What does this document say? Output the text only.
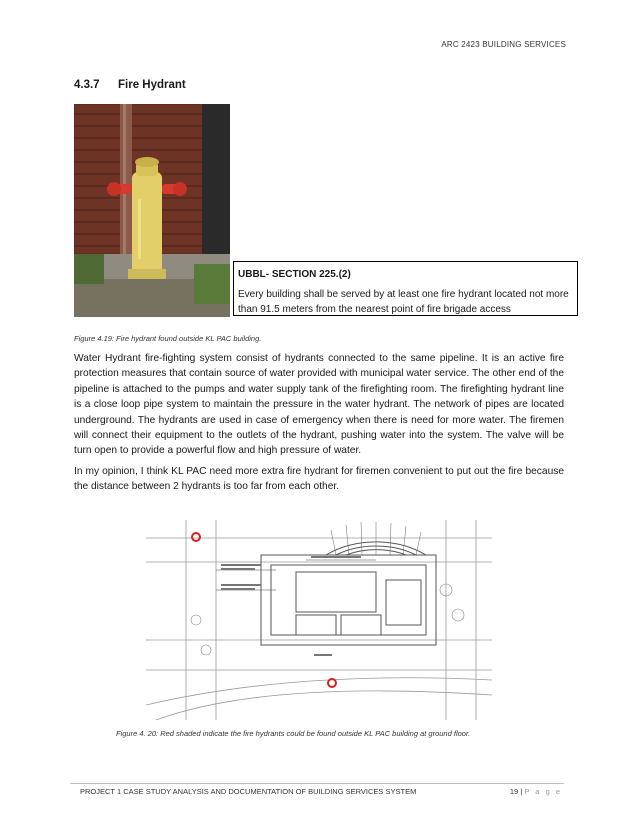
ARC 2423 BUILDING SERVICES
4.3.7 Fire Hydrant
UBBL- SECTION 225.(2)
Every building shall be served by at least one fire hydrant located not more than 91.5 meters from the nearest point of fire brigade access
Figure 4.19: Fire hydrant found outside KL PAC building.
Water Hydrant fire-fighting system consist of hydrants connected to the same pipeline. It is an active fire protection measures that contain source of water provided with municipal water service. The other end of the pipeline is attached to the pumps and water supply tank of the firefighting room. The firefighting hydrant line is a close loop pipe system to maintain the pressure in the water hydrant. The network of pipes are located underground. The hydrants are used in case of emergency when there is need for more water. The firemen will connect their equipment to the outlets of the hydrant, pushing water into the system. The valve will be turn open to provide a powerful flow and high pressure of water.
In my opinion, I think KL PAC need more extra fire hydrant for firemen convenient to put out the fire because the distance between 2 hydrants is too far from each other.
Figure 4. 20: Red shaded indicate the fire hydrants could be found outside KL PAC building at ground floor.
PROJECT 1 CASE STUDY ANALYSIS AND DOCUMENTATION OF BUILDING SERVICES SYSTEM	19 | P a g e
